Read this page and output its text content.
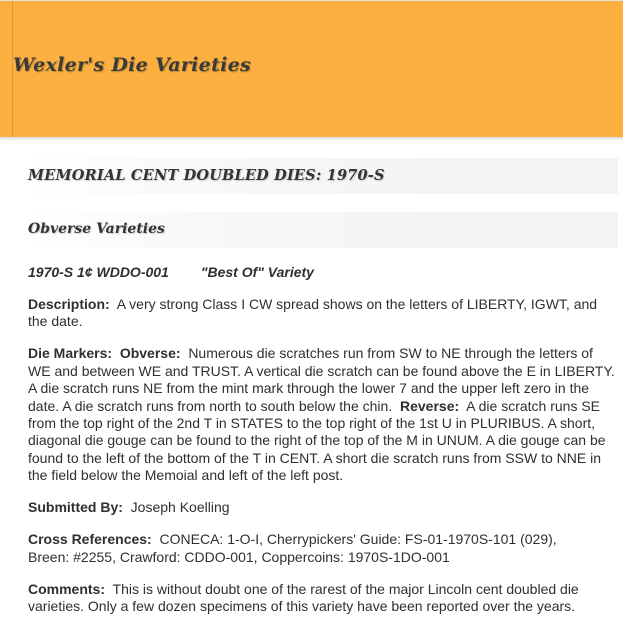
Wexler's Die Varieties
MEMORIAL CENT DOUBLED DIES: 1970-S
Obverse Varieties

1970-S 1¢ WDDO-001 "Best Of" Variety

Description: A very strong Class I CW spread shows on the letters of LIBERTY, IGWT, and the date.

Die Markers: Obverse: Numerous die scratches run from SW to NE through the letters of WE and between WE and TRUST. A vertical die scratch can be found above the E in LIBERTY. A die scratch runs NE from the mint mark through the lower 7 and the upper left zero in the date. A die scratch runs from north to south below the chin. Reverse: A die scratch runs SE from the top right of the 2nd T in STATES to the top right of the 1st U in PLURIBUS. A short, diagonal die gouge can be found to the right of the top of the M in UNUM. A die gouge can be found to the left of the bottom of the T in CENT. A short die scratch runs from SSW to NNE in the field below the Memoial and left of the left post.

Submitted By: Joseph Koelling

Cross References: CONECA: 1-O-I, Cherrypickers' Guide: FS-01-1970S-101 (029),
Breen: #2255, Crawford: CDDO-001, Coppercoins: 1970S-1DO-001

Comments: This is without doubt one of the rarest of the major Lincoln cent doubled die varieties. Only a few dozen specimens of this variety have been reported over the years.
